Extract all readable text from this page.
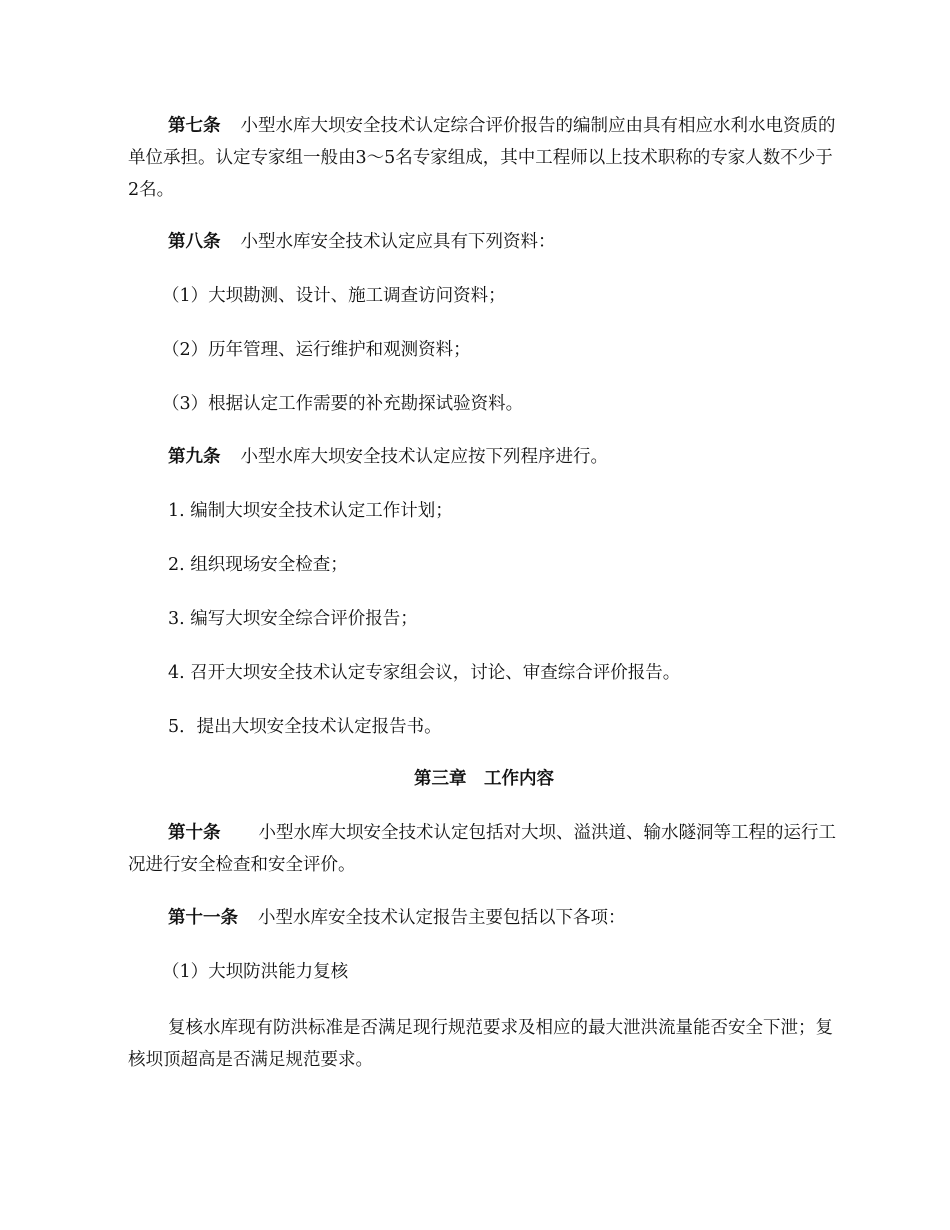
第七条 小型水库大坝安全技术认定综合评价报告的编制应由具有相应水利水电资质的单位承担。认定专家组一般由3～5名专家组成，其中工程师以上技术职称的专家人数不少于2名。

第八条 小型水库安全技术认定应具有下列资料：

（1）大坝勘测、设计、施工调查访问资料；

（2）历年管理、运行维护和观测资料；

（3）根据认定工作需要的补充勘探试验资料。

第九条 小型水库大坝安全技术认定应按下列程序进行。

1. 编制大坝安全技术认定工作计划；

2. 组织现场安全检查；

3. 编写大坝安全综合评价报告；

4. 召开大坝安全技术认定专家组会议，讨论、审查综合评价报告。

5．提出大坝安全技术认定报告书。

第三章　工作内容

第十条 小型水库大坝安全技术认定包括对大坝、溢洪道、输水隧洞等工程的运行工况进行安全检查和安全评价。

第十一条 小型水库安全技术认定报告主要包括以下各项：

（1）大坝防洪能力复核

复核水库现有防洪标准是否满足现行规范要求及相应的最大泄洪流量能否安全下泄；复核坝顶超高是否满足规范要求。
